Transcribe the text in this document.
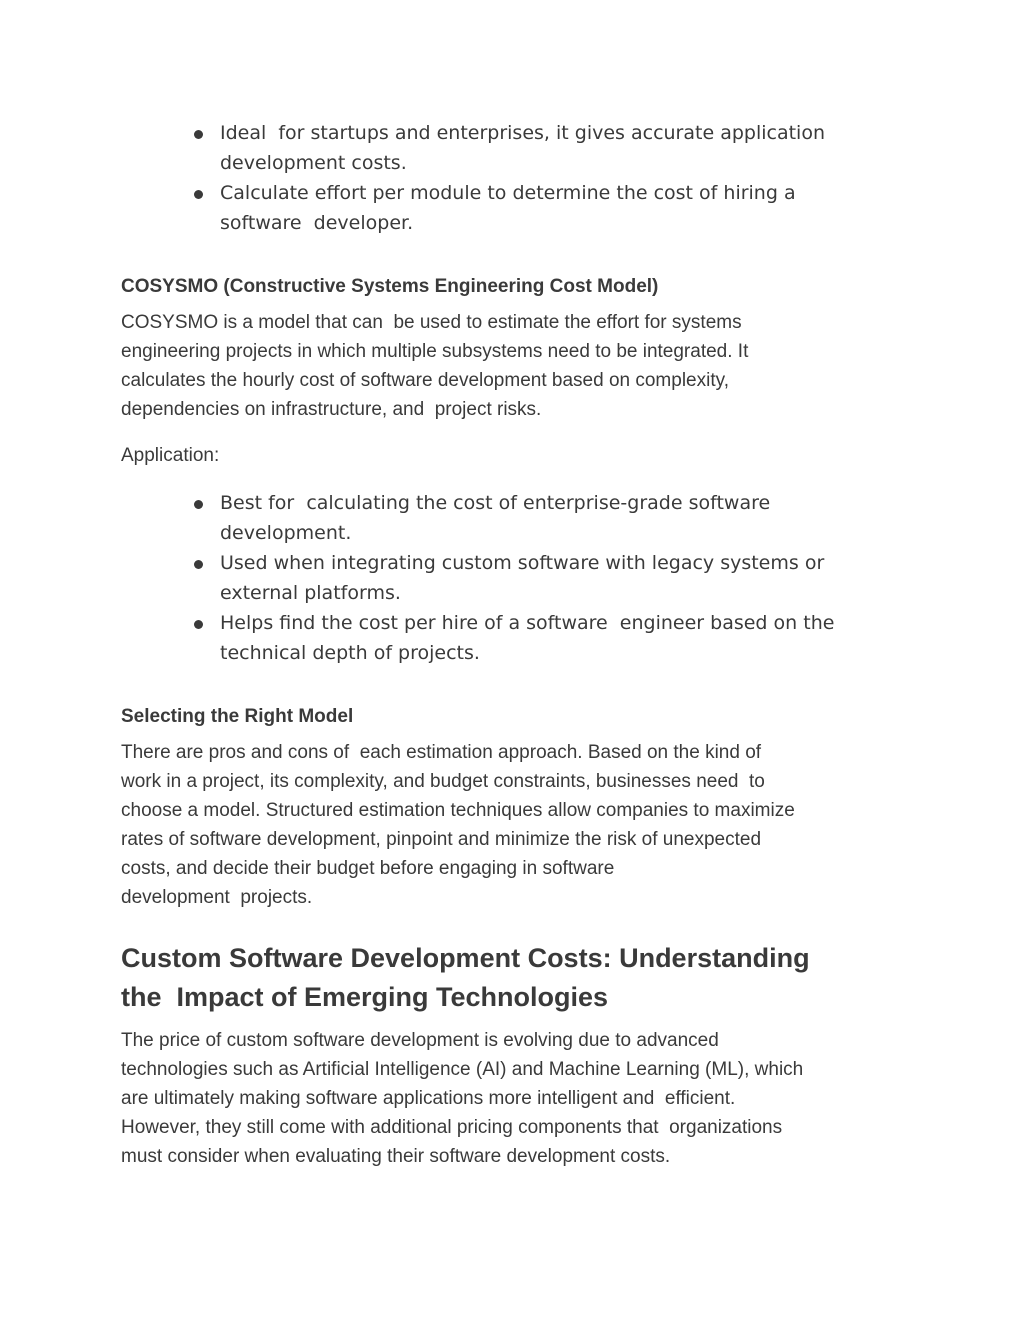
Ideal  for startups and enterprises, it gives accurate application
development costs.
Calculate effort per module to determine the cost of hiring a
software  developer.
COSYSMO (Constructive Systems Engineering Cost Model)

COSYSMO is a model that can  be used to estimate the effort for systems
engineering projects in which multiple subsystems need to be integrated. It
calculates the hourly cost of software development based on complexity,
dependencies on infrastructure, and  project risks.

Application:

Best for  calculating the cost of enterprise-grade software
development.
Used when integrating custom software with legacy systems or
external platforms.
Helps find the cost per hire of a software  engineer based on the
technical depth of projects.
Selecting the Right Model

There are pros and cons of  each estimation approach. Based on the kind of
work in a project, its complexity, and budget constraints, businesses need  to
choose a model. Structured estimation techniques allow companies to maximize
rates of software development, pinpoint and minimize the risk of unexpected
costs, and decide their budget before engaging in software
development  projects.

Custom Software Development Costs: Understanding
the  Impact of Emerging Technologies

The price of custom software development is evolving due to advanced
technologies such as Artificial Intelligence (AI) and Machine Learning (ML), which
are ultimately making software applications more intelligent and  efficient.
However, they still come with additional pricing components that  organizations
must consider when evaluating their software development costs.
